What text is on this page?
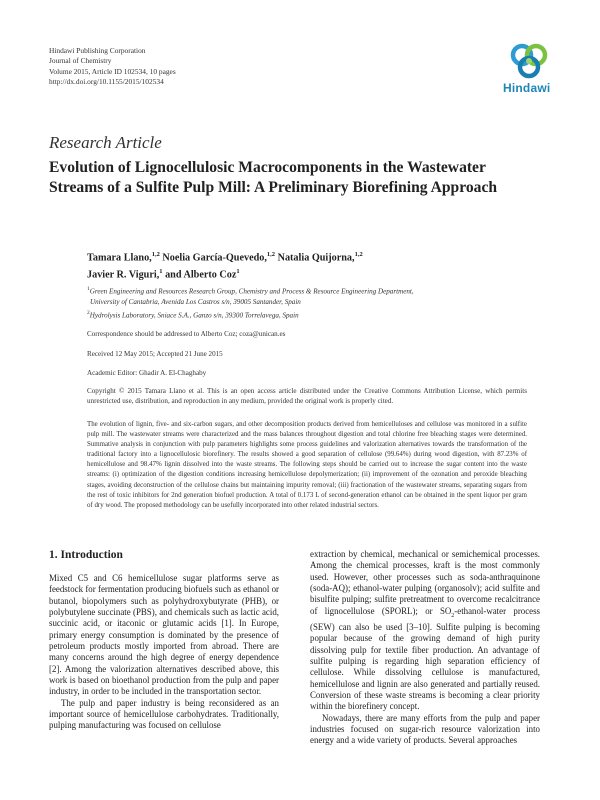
Hindawi Publishing Corporation
Journal of Chemistry
Volume 2015, Article ID 102534, 10 pages
http://dx.doi.org/10.1155/2015/102534	Hindawi
Research Article
Evolution of Lignocellulosic Macrocomponents in the Wastewater Streams of a Sulfite Pulp Mill: A Preliminary Biorefining Approach
Tamara Llano,$^{1,2}$ Noelia García-Quevedo,$^{1,2}$ Natalia Quijorna,$^{1,2}$
Javier R. Viguri,$^1$ and Alberto Coz$^1$
$^1$Green Engineering and Resources Research Group, Chemistry and Process & Resource Engineering Department,
University of Cantabria, Avenida Los Castros s/n, 39005 Santander, Spain
$^2$Hydrolysis Laboratory, Sniace S.A., Ganzo s/n, 39300 Torrelavega, Spain
Correspondence should be addressed to Alberto Coz; coza@unican.es
Received 12 May 2015; Accepted 21 June 2015
Academic Editor: Ghadir A. El-Chaghaby
Copyright © 2015 Tamara Llano et al. This is an open access article distributed under the Creative Commons Attribution License, which permits unrestricted use, distribution, and reproduction in any medium, provided the original work is properly cited.
The evolution of lignin, five- and six-carbon sugars, and other decomposition products derived from hemicelluloses and cellulose was monitored in a sulfite pulp mill. The wastewater streams were characterized and the mass balances throughout digestion and total chlorine free bleaching stages were determined. Summative analysis in conjunction with pulp parameters highlights some process guidelines and valorization alternatives towards the transformation of the traditional factory into a lignocellulosic biorefinery. The results showed a good separation of cellulose (99.64%) during wood digestion, with 87.23% of hemicellulose and 98.47% lignin dissolved into the waste streams. The following steps should be carried out to increase the sugar content into the waste streams: (i) optimization of the digestion conditions increasing hemicellulose depolymerization; (ii) improvement of the ozonation and peroxide bleaching stages, avoiding deconstruction of the cellulose chains but maintaining impurity removal; (iii) fractionation of the wastewater streams, separating sugars from the rest of toxic inhibitors for 2nd generation biofuel production. A total of 0.173 L of second-generation ethanol can be obtained in the spent liquor per gram of dry wood. The proposed methodology can be usefully incorporated into other related industrial sectors.
1. Introduction

Mixed C5 and C6 hemicellulose sugar platforms serve as feedstock for fermentation producing biofuels such as ethanol or butanol, biopolymers such as polyhydroxybutyrate (PHB), or polybutylene succinate (PBS), and chemicals such as lactic acid, succinic acid, or itaconic or glutamic acids [1]. In Europe, primary energy consumption is dominated by the presence of petroleum products mostly imported from abroad. There are many concerns around the high degree of energy dependence [2]. Among the valorization alternatives described above, this work is based on bioethanol production from the pulp and paper industry, in order to be included in the transportation sector.

The pulp and paper industry is being reconsidered as an important source of hemicellulose carbohydrates. Traditionally, pulping manufacturing was focused on cellulose

extraction by chemical, mechanical or semichemical processes. Among the chemical processes, kraft is the most commonly used. However, other processes such as soda-anthraquinone (soda-AQ); ethanol-water pulping (organosolv); acid sulfite and bisulfite pulping; sulfite pretreatment to overcome recalcitrance of lignocellulose (SPORL); or $SO_2-ethanol$-water process (SEW) can also be used [3–10]. Sulfite pulping is becoming popular because of the growing demand of high purity dissolving pulp for textile fiber production. An advantage of sulfite pulping is regarding high separation efficiency of cellulose. While dissolving cellulose is manufactured, hemicellulose and lignin are also generated and partially reused. Conversion of these waste streams is becoming a clear priority within the biorefinery concept.

Nowadays, there are many efforts from the pulp and paper industries focused on sugar-rich resource valorization into energy and a wide variety of products. Several approaches
